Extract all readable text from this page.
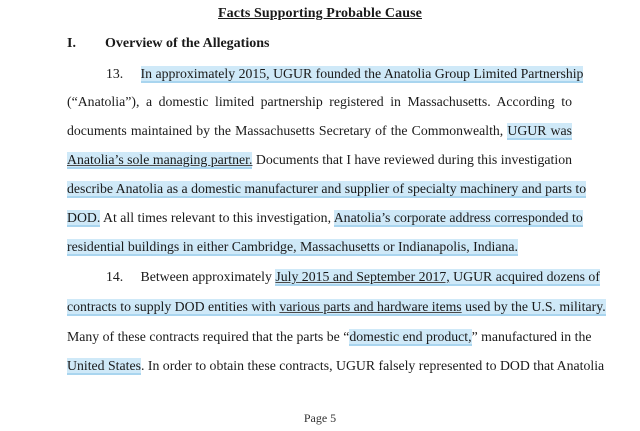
Facts Supporting Probable Cause
I. Overview of the Allegations
13. In approximately 2015, UGUR founded the Anatolia Group Limited Partnership
(“Anatolia”), a domestic limited partnership registered in Massachusetts. According to
documents maintained by the Massachusetts Secretary of the Commonwealth, UGUR was
Anatolia’s sole managing partner. Documents that I have reviewed during this investigation
describe Anatolia as a domestic manufacturer and supplier of specialty machinery and parts to
DOD. At all times relevant to this investigation, Anatolia’s corporate address corresponded to
residential buildings in either Cambridge, Massachusetts or Indianapolis, Indiana.
14. Between approximately July 2015 and September 2017, UGUR acquired dozens of
contracts to supply DOD entities with various parts and hardware items used by the U.S. military.
Many of these contracts required that the parts be “domestic end product,” manufactured in the
United States. In order to obtain these contracts, UGUR falsely represented to DOD that Anatolia
Page 5
